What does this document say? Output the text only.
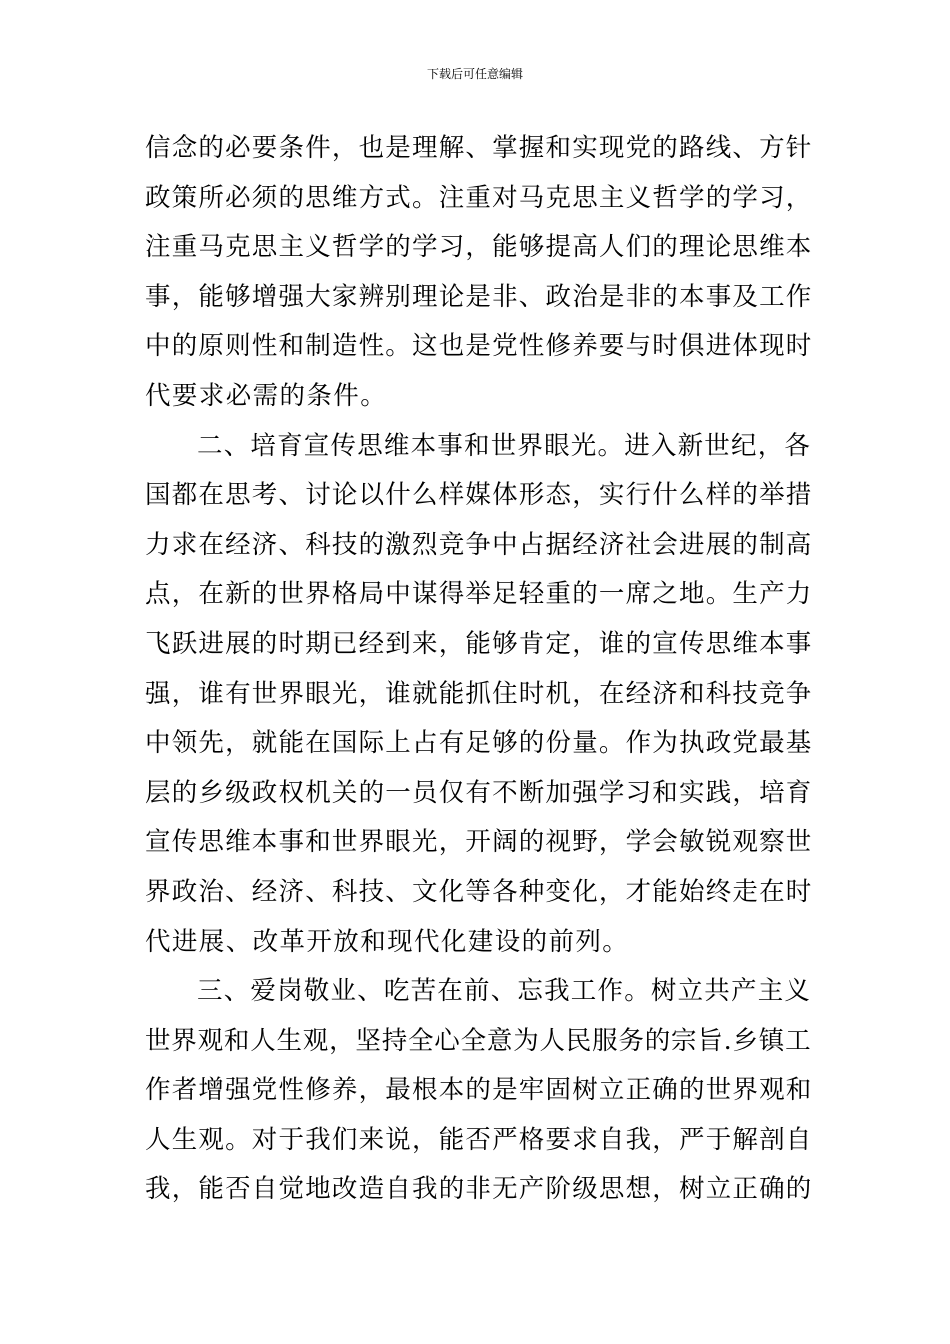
下载后可任意编辑
信念的必要条件，也是理解、掌握和实现党的路线、方针
政策所必须的思维方式。注重对马克思主义哲学的学习，
注重马克思主义哲学的学习，能够提高人们的理论思维本
事，能够增强大家辨别理论是非、政治是非的本事及工作
中的原则性和制造性。这也是党性修养要与时俱进体现时
代要求必需的条件。
二、培育宣传思维本事和世界眼光。进入新世纪，各
国都在思考、讨论以什么样媒体形态，实行什么样的举措
力求在经济、科技的激烈竞争中占据经济社会进展的制高
点，在新的世界格局中谋得举足轻重的一席之地。生产力
飞跃进展的时期已经到来，能够肯定，谁的宣传思维本事
强，谁有世界眼光，谁就能抓住时机，在经济和科技竞争
中领先，就能在国际上占有足够的份量。作为执政党最基
层的乡级政权机关的一员仅有不断加强学习和实践，培育
宣传思维本事和世界眼光，开阔的视野，学会敏锐观察世
界政治、经济、科技、文化等各种变化，才能始终走在时
代进展、改革开放和现代化建设的前列。
三、爱岗敬业、吃苦在前、忘我工作。树立共产主义
世界观和人生观，坚持全心全意为人民服务的宗旨.乡镇工
作者增强党性修养，最根本的是牢固树立正确的世界观和
人生观。对于我们来说，能否严格要求自我，严于解剖自
我，能否自觉地改造自我的非无产阶级思想，树立正确的
